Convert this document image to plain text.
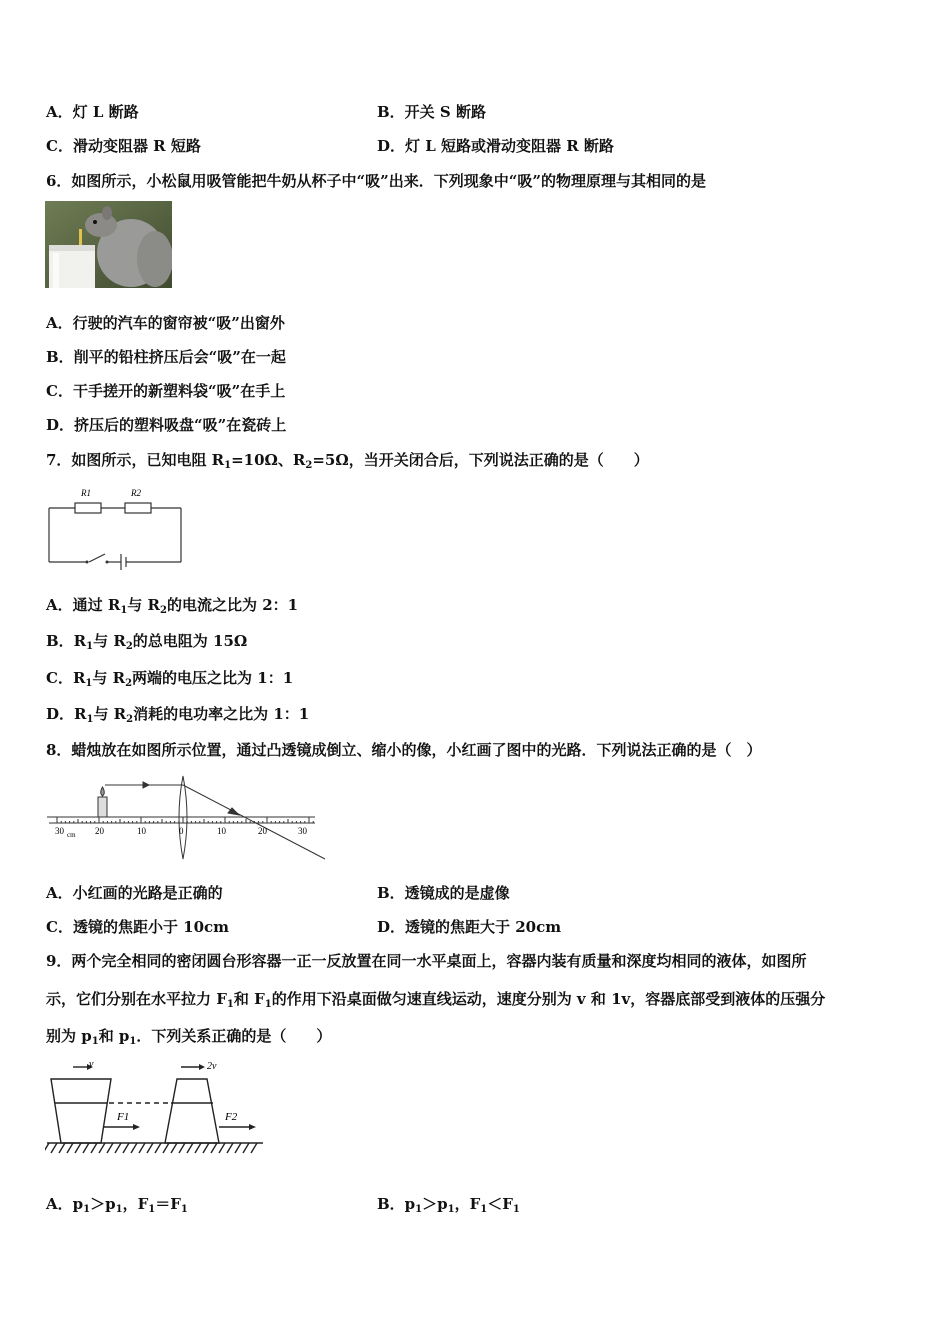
A．灯 L 断路	B．开关 S 断路
C．滑动变阻器 R 短路	D．灯 L 短路或滑动变阻器 R 断路
6．如图所示，小松鼠用吸管能把牛奶从杯子中“吸”出来．下列现象中“吸”的物理原理与其相同的是
A．行驶的汽车的窗帘被“吸”出窗外
B．削平的铅柱挤压后会“吸”在一起
C．干手搓开的新塑料袋“吸”在手上
D．挤压后的塑料吸盘“吸”在瓷砖上
7．如图所示，已知电阻 $R_1=10\Omega$、$R_2=5\Omega$，当开关闭合后，下列说法正确的是（　　）
R1	R2
A．通过 $R_1$与 $R_2$的电流之比为 2：1
B．$R_1$与 $R_2$的总电阻为 15Ω
C．$R_1$与 $R_2$两端的电压之比为 1：1
D．$R_1$与 $R_2$消耗的电功率之比为 1：1
8．蜡烛放在如图所示位置，通过凸透镜成倒立、缩小的像，小红画了图中的光路．下列说法正确的是（　）
30 cm 20	10	0	10	20	30
A．小红画的光路是正确的	B．透镜成的是虚像
C．透镜的焦距小于 10cm	D．透镜的焦距大于 20cm
9．两个完全相同的密闭圆台形容器一正一反放置在同一水平桌面上，容器内装有质量和深度均相同的液体，如图所
示，它们分别在水平拉力 $F_1$和 $F_1$的作用下沿桌面做匀速直线运动，速度分别为 v 和 1v，容器底部受到液体的压强分
别为 $p_1$和 $p_1$．下列关系正确的是（　　）
v	2v
F1	F2
A．$p_1>p_1$，$F_1=F_1$	B．$p_1>p_1$，$F_1<F_1$
